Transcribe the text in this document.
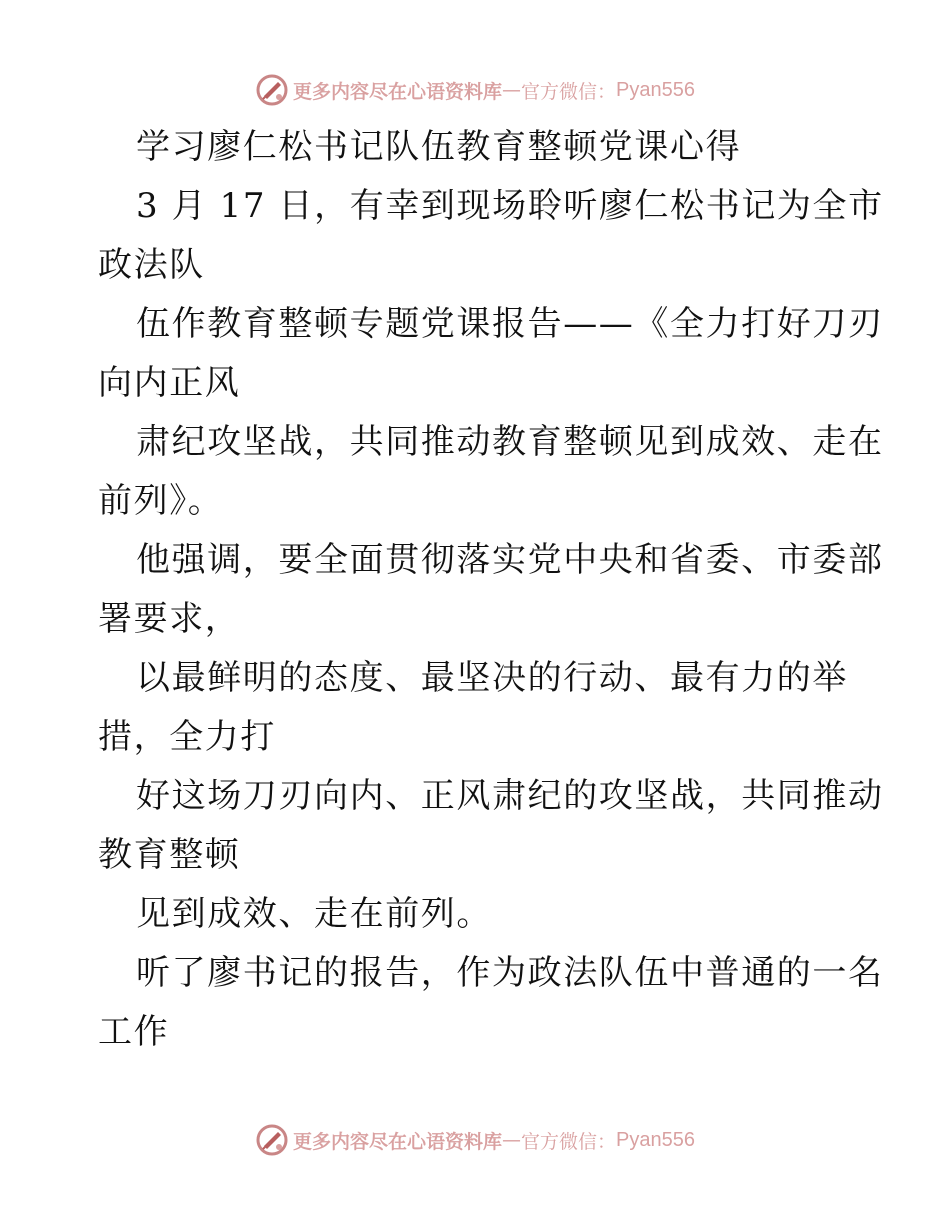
更多内容尽在心语资料库 — 官方微信： Pyan556
学习廖仁松书记队伍教育整顿党课心得
3 月 17 日，有幸到现场聆听廖仁松书记为全市
政法队
伍作教育整顿专题党课报告——《全力打好刀刃
向内正风
肃纪攻坚战，共同推动教育整顿见到成效、走在
前列》。
他强调，要全面贯彻落实党中央和省委、市委部
署要求，
以最鲜明的态度、最坚决的行动、最有力的举
措，全力打
好这场刀刃向内、正风肃纪的攻坚战，共同推动
教育整顿
见到成效、走在前列。
听了廖书记的报告，作为政法队伍中普通的一名
工作
更多内容尽在心语资料库 — 官方微信： Pyan556
